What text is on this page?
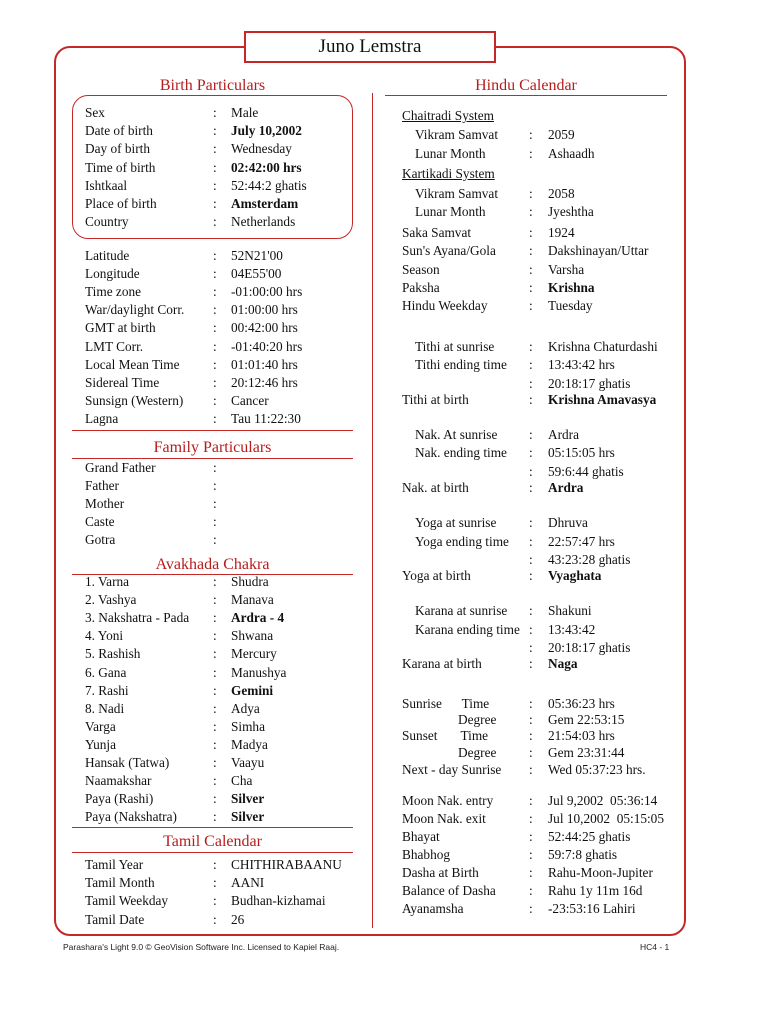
Juno Lemstra
Birth Particulars
Family Particulars
Avakhada Chakra
Tamil Calendar
Hindu Calendar
Sex	: Male
Date of birth	: July 10,2002
Day of birth	: Wednesday
Time of birth	: 02:42:00 hrs
Ishtkaal	: 52:44:2 ghatis
Place of birth	: Amsterdam
Country	: Netherlands
Latitude	: 52N21'00
Longitude	: 04E55'00
Time zone	: -01:00:00 hrs
War/daylight Corr. : 01:00:00 hrs
GMT at birth	: 00:42:00 hrs
LMT Corr.	: -01:40:20 hrs
Local Mean Time	: 01:01:40 hrs
Sidereal Time	: 20:12:46 hrs
Sunsign (Western) : Cancer
Lagna	: Tau 11:22:30
Grand Father	:
Father	:
Mother	:
Caste	:
Gotra	:
1. Varna	: Shudra
2. Vashya	: Manava
3. Nakshatra - Pada : Ardra - 4
4. Yoni	: Shwana
5. Rashish	: Mercury
6. Gana	: Manushya
7. Rashi	: Gemini
8. Nadi	: Adya
Varga	: Simha
Yunja	: Madya
Hansak (Tatwa)	: Vaayu
Naamakshar	: Cha
Paya (Rashi)	: Silver
Paya (Nakshatra)	: Silver
Tamil Year	: CHITHIRABAANU
Tamil Month	: AANI
Tamil Weekday	: Budhan-kizhamai
Tamil Date	: 26
Chaitradi System
Vikram Samvat : 2059
Lunar Month	: Ashaadh
Kartikadi System
Vikram Samvat : 2058
Lunar Month	: Jyeshtha
Saka Samvat	: 1924
Sun's Ayana/Gola : Dakshinayan/Uttar
Season	: Varsha
Paksha	: Krishna
Hindu Weekday	: Tuesday
Tithi at sunrise	: Krishna Chaturdashi
Tithi ending time : 13:43:42 hrs
: 20:18:17 ghatis
Tithi at birth	: Krishna Amavasya
Nak. At sunrise : Ardra
Nak. ending time : 05:15:05 hrs
: 59:6:44 ghatis
Nak. at birth	: Ardra
Yoga at sunrise : Dhruva
Yoga ending time : 22:57:47 hrs
: 43:23:28 ghatis
Yoga at birth	: Vyaghata
Karana at sunrise : Shakuni
Karana ending time : 13:43:42
: 20:18:17 ghatis
Karana at birth	: Naga
Sunrise      Time	: 05:36:23 hrs
Degree : Gem 22:53:15
Sunset       Time	: 21:54:03 hrs
Degree : Gem 23:31:44
Next - day Sunrise : Wed 05:37:23 hrs.
Moon Nak. entry	: Jul 9,2002  05:36:14
Moon Nak. exit	: Jul 10,2002  05:15:05
Bhayat	: 52:44:25 ghatis
Bhabhog	: 59:7:8 ghatis
Dasha at Birth	: Rahu-Moon-Jupiter
Balance of Dasha : Rahu 1y 11m 16d
Ayanamsha	: -23:53:16 Lahiri
Parashara's Light 9.0 © GeoVision Software Inc. Licensed to Kapiel Raaj.	HC4 - 1
